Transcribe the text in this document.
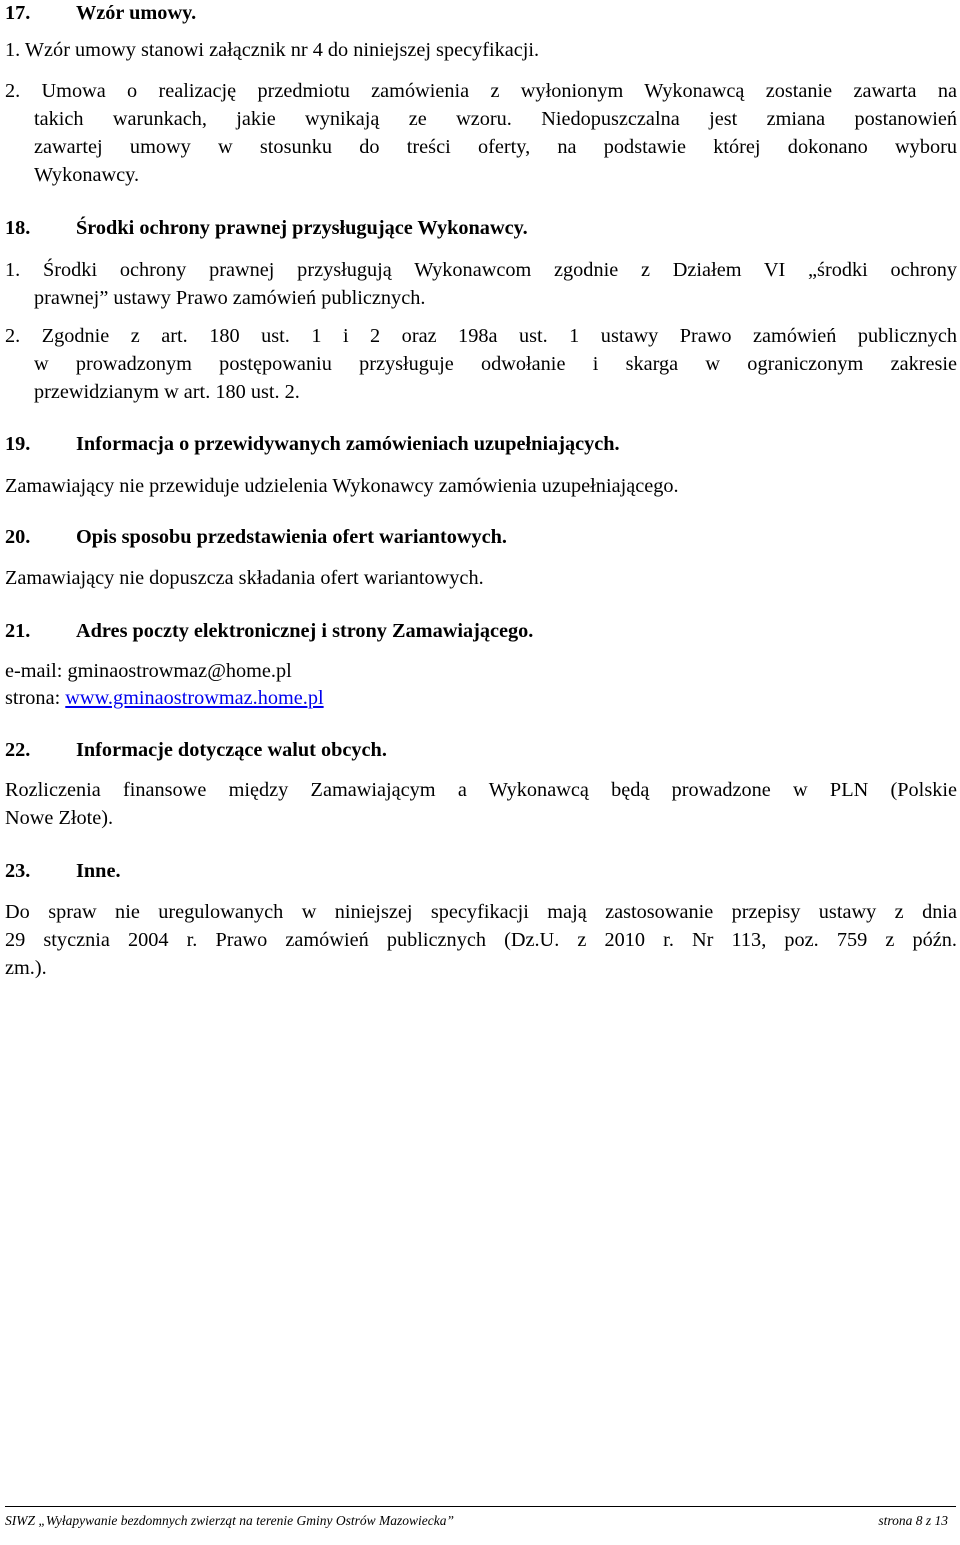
17. Wzór umowy.
1. Wzór umowy stanowi załącznik nr 4 do niniejszej specyfikacji.
2. Umowa o realizację przedmiotu zamówienia z wyłonionym Wykonawcą zostanie zawarta na
takich warunkach, jakie wynikają ze wzoru. Niedopuszczalna jest zmiana postanowień
zawartej umowy w stosunku do treści oferty, na podstawie której dokonano wyboru
Wykonawcy.
18. Środki ochrony prawnej przysługujące Wykonawcy.
1. Środki ochrony prawnej przysługują Wykonawcom zgodnie z Działem VI „środki ochrony
prawnej” ustawy Prawo zamówień publicznych.
2. Zgodnie z art. 180 ust. 1 i 2 oraz 198a ust. 1 ustawy Prawo zamówień publicznych
w prowadzonym postępowaniu przysługuje odwołanie i skarga w ograniczonym zakresie
przewidzianym w art. 180 ust. 2.
19. Informacja o przewidywanych zamówieniach uzupełniających.
Zamawiający nie przewiduje udzielenia Wykonawcy zamówienia uzupełniającego.
20. Opis sposobu przedstawienia ofert wariantowych.
Zamawiający nie dopuszcza składania ofert wariantowych.
21. Adres poczty elektronicznej i strony Zamawiającego.
e-mail: gminaostrowmaz@home.pl
strona: www.gminaostrowmaz.home.pl
22. Informacje dotyczące walut obcych.
Rozliczenia finansowe między Zamawiającym a Wykonawcą będą prowadzone w PLN (Polskie
Nowe Złote).
23. Inne.
Do spraw nie uregulowanych w niniejszej specyfikacji mają zastosowanie przepisy ustawy z dnia
29 stycznia 2004 r. Prawo zamówień publicznych (Dz.U. z 2010 r. Nr 113, poz. 759 z późn.
zm.).
SIWZ „Wyłapywanie bezdomnych zwierząt na terenie Gminy Ostrów Mazowiecka”	strona 8 z 13
